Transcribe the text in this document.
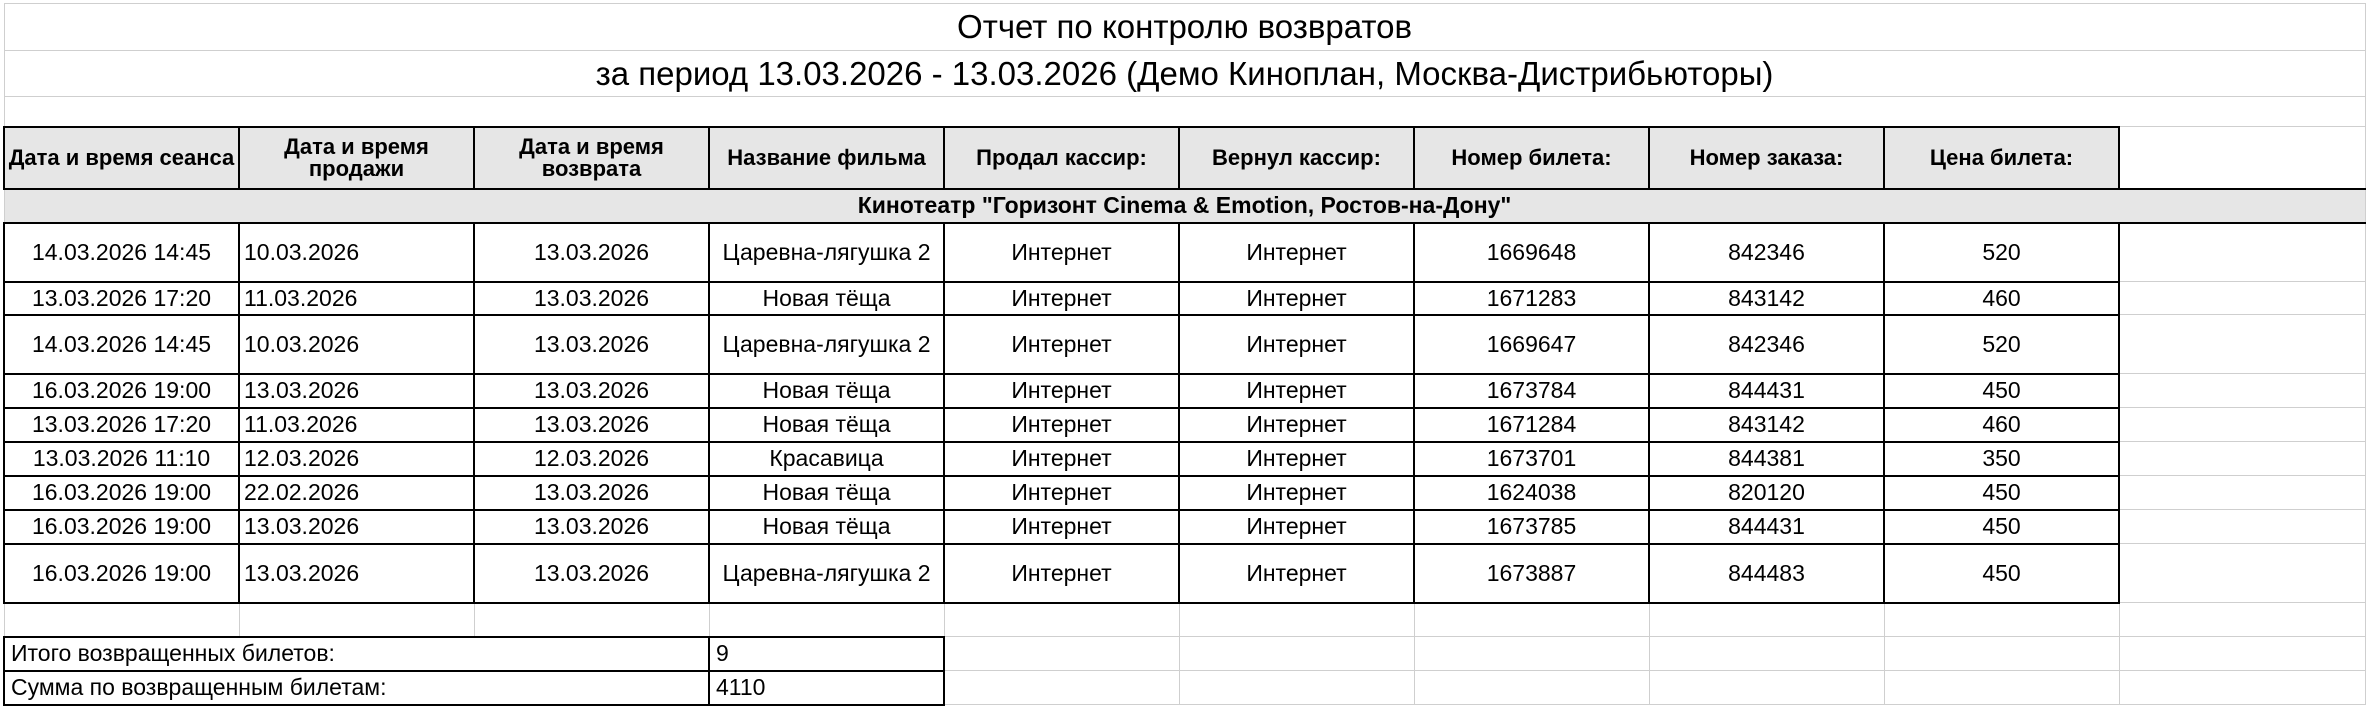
Отчет по контролю возвратов									
за период 13.03.2026 - 13.03.2026 (Демо Киноплан, Москва-Дистрибьюторы)									

Дата и время сеанса	Дата и время продажи	Дата и время возврата	Название фильма	Продал кассир:	Вернул кассир:	Номер билета:	Номер заказа:	Цена билета:	
Кинотеатр "Горизонт Cinema & Emotion, Ростов-на-Дону"									
14.03.2026 14:45	10.03.2026	13.03.2026	Царевна-лягушка 2	Интернет	Интернет	1669648	842346	520	
13.03.2026 17:20	11.03.2026	13.03.2026	Новая тёща	Интернет	Интернет	1671283	843142	460	
14.03.2026 14:45	10.03.2026	13.03.2026	Царевна-лягушка 2	Интернет	Интернет	1669647	842346	520	
16.03.2026 19:00	13.03.2026	13.03.2026	Новая тёща	Интернет	Интернет	1673784	844431	450	
13.03.2026 17:20	11.03.2026	13.03.2026	Новая тёща	Интернет	Интернет	1671284	843142	460	
13.03.2026 11:10	12.03.2026	12.03.2026	Красавица	Интернет	Интернет	1673701	844381	350	
16.03.2026 19:00	22.02.2026	13.03.2026	Новая тёща	Интернет	Интернет	1624038	820120	450	
16.03.2026 19:00	13.03.2026	13.03.2026	Новая тёща	Интернет	Интернет	1673785	844431	450	
16.03.2026 19:00	13.03.2026	13.03.2026	Царевна-лягушка 2	Интернет	Интернет	1673887	844483	450	

Итого возвращенных билетов:			9						
Сумма по возвращенным билетам:			4110						
